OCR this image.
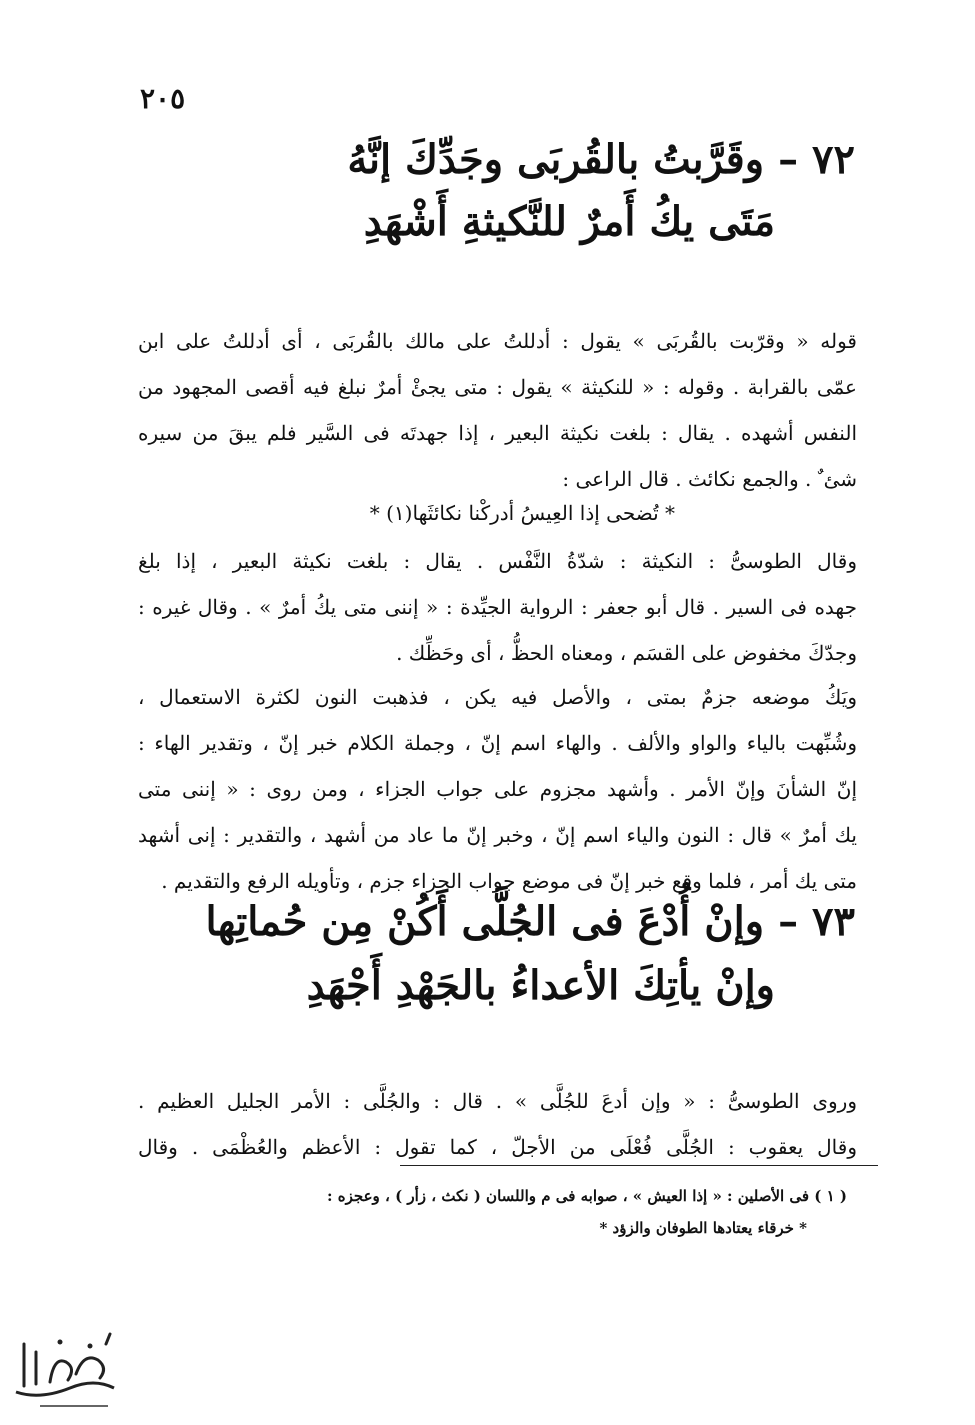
٢٠٥
٧٢ –وقَرَّبتُ بالقُربَى وجَدِّكَ إنَّهُ
مَتَى يكُ أَمرٌ للنَّكيثةِ أَشْهَدِ
قوله « وقرّبت بالقُربَى » يقول : أدللتُ على مالك بالقُربَى ، أى أدللتُ على ابن
عمّى بالقرابة . وقوله : « للنكيثة » يقول : متى يجئْ أمرٌ نبلغ فيه أقصى المجهود من
النفس أشهده . يقال : بلغت نكيثة البعير ، إذا جهدتَه فى السَّير فلم يبقَ من سيره
شئ ٌ . والجمع نكائث . قال الراعى :
* تُضحى إذا العِيسُ أدركْنا نكائثَها(١) *
وقال الطوسىُّ : النكيثة : شدّةُ النَّفْس . يقال : بلغت نكيثة البعير ، إذا بلغ
جهده فى السير . قال أبو جعفر : الرواية الجيِّدة : « إننى متى يكُ أمرٌ » . وقال غيره :
وجدّكَ مخفوض على القسَم ، ومعناه الحظُّ ، أى وحَظِّك .
ويَكُ موضعه جزمٌ بمتى ، والأصل فيه يكن ، فذهبت النون لكثرة الاستعمال ،
وشُبِّهت بالياء والواو والألف . والهاء اسم إنّ ، وجملة الكلام خبر إنّ ، وتقدير الهاء :
إنّ الشأنَ وإنّ الأمر . وأشهد مجزوم على جواب الجزاء ، ومن روى : « إننى متى
يك أمرٌ » قال : النون والياء اسم إنّ ، وخبر إنّ ما عاد من أشهد ، والتقدير : إنى أشهد
متى يك أمر ، فلما وقع خبر إنّ فى موضع جواب الجزاء جزم ، وتأويله الرفع والتقديم .
٧٣ –وإنْ أُدْعَ فى الجُلَّى أَكُنْ مِن حُماتِها
وإنْ يأتِكَ الأعداءُ بالجَهْدِ أَجْهَدِ
وروى الطوسىُّ : « وإن أدعَ للجُلَّى » . قال : والجُلَّى : الأمر الجليل العظيم .
وقال يعقوب : الجُلَّى فُعْلَى من الأجلّ ، كما تقول : الأعظم والعُظْمَى . وقال
( ١ ) فى الأصلين : « إذا العيش » ، صوابه فى م واللسان ( نكث ، زأر ) ، وعجزه :
* خرقاء يعتادها الطوفان والزؤد *
